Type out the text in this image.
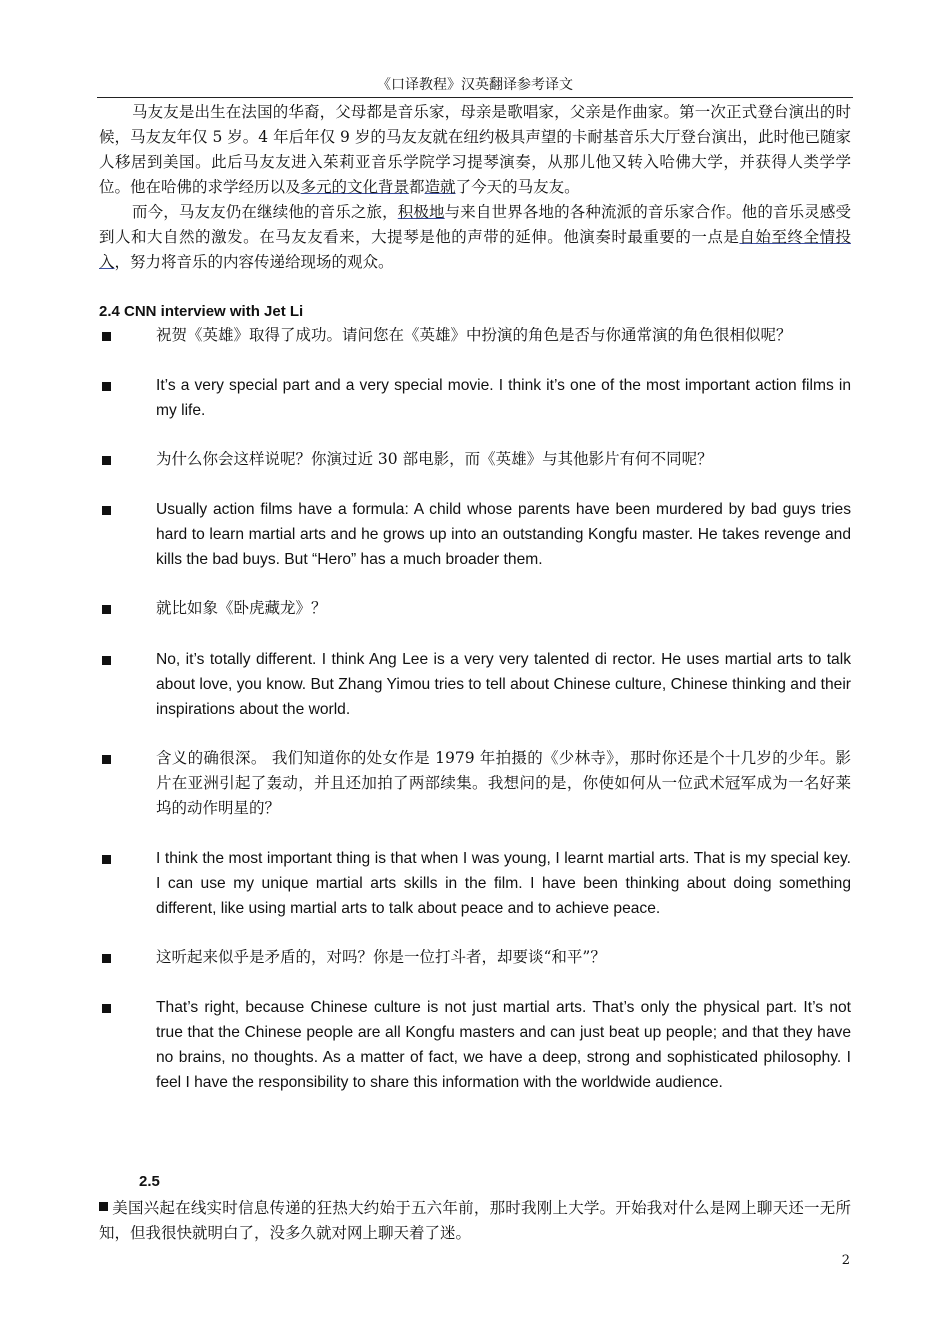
《口译教程》汉英翻译参考译文

马友友是出生在法国的华裔，父母都是音乐家，母亲是歌唱家，父亲是作曲家。第一次正式登台演出的时候，马友友年仅 5 岁。4 年后年仅 9 岁的马友友就在纽约极具声望的卡耐基音乐大厅登台演出，此时他已随家人移居到美国。此后马友友进入茱莉亚音乐学院学习提琴演奏，从那儿他又转入哈佛大学，并获得人类学学位。他在哈佛的求学经历以及多元的文化背景都造就了今天的马友友。

而今，马友友仍在继续他的音乐之旅，积极地与来自世界各地的各种流派的音乐家合作。他的音乐灵感受到人和大自然的激发。在马友友看来，大提琴是他的声带的延伸。他演奏时最重要的一点是自始至终全情投入，努力将音乐的内容传递给现场的观众。

2.4 CNN interview with Jet Li
祝贺《英雄》取得了成功。请问您在《英雄》中扮演的角色是否与你通常演的角色很相似呢？
It’s a very special part and a very special movie. I think it’s one of the most important action films in my life.
为什么你会这样说呢？你演过近 30 部电影，而《英雄》与其他影片有何不同呢？
Usually action films have a formula: A child whose parents have been murdered by bad guys tries hard to learn martial arts and he grows up into an outstanding Kongfu master. He takes revenge and kills the bad buys. But “Hero” has a much broader them.
就比如象《卧虎藏龙》？
No, it’s totally different. I think Ang Lee is a very very talented di rector. He uses martial arts to talk about love, you know. But Zhang Yimou tries to tell about Chinese culture, Chinese thinking and their inspirations about the world.
含义的确很深。 我们知道你的处女作是 1979 年拍摄的《少林寺》，那时你还是个十几岁的少年。影片在亚洲引起了轰动，并且还加拍了两部续集。我想问的是，你使如何从一位武术冠军成为一名好莱坞的动作明星的？
I think the most important thing is that when I was young, I learnt martial arts. That is my special key. I can use my unique martial arts skills in the film. I have been thinking about doing something different, like using martial arts to talk about peace and to achieve peace.
这听起来似乎是矛盾的，对吗？你是一位打斗者，却要谈“和平”？
That’s right, because Chinese culture is not just martial arts. That’s only the physical part. It’s not true that the Chinese people are all Kongfu masters and can just beat up people; and that they have no brains, no thoughts. As a matter of fact, we have a deep, strong and sophisticated philosophy. I feel I have the responsibility to share this information with the worldwide audience.
2.5

美国兴起在线实时信息传递的狂热大约始于五六年前，那时我刚上大学。开始我对什么是网上聊天还一无所知，但我很快就明白了，没多久就对网上聊天着了迷。

2
